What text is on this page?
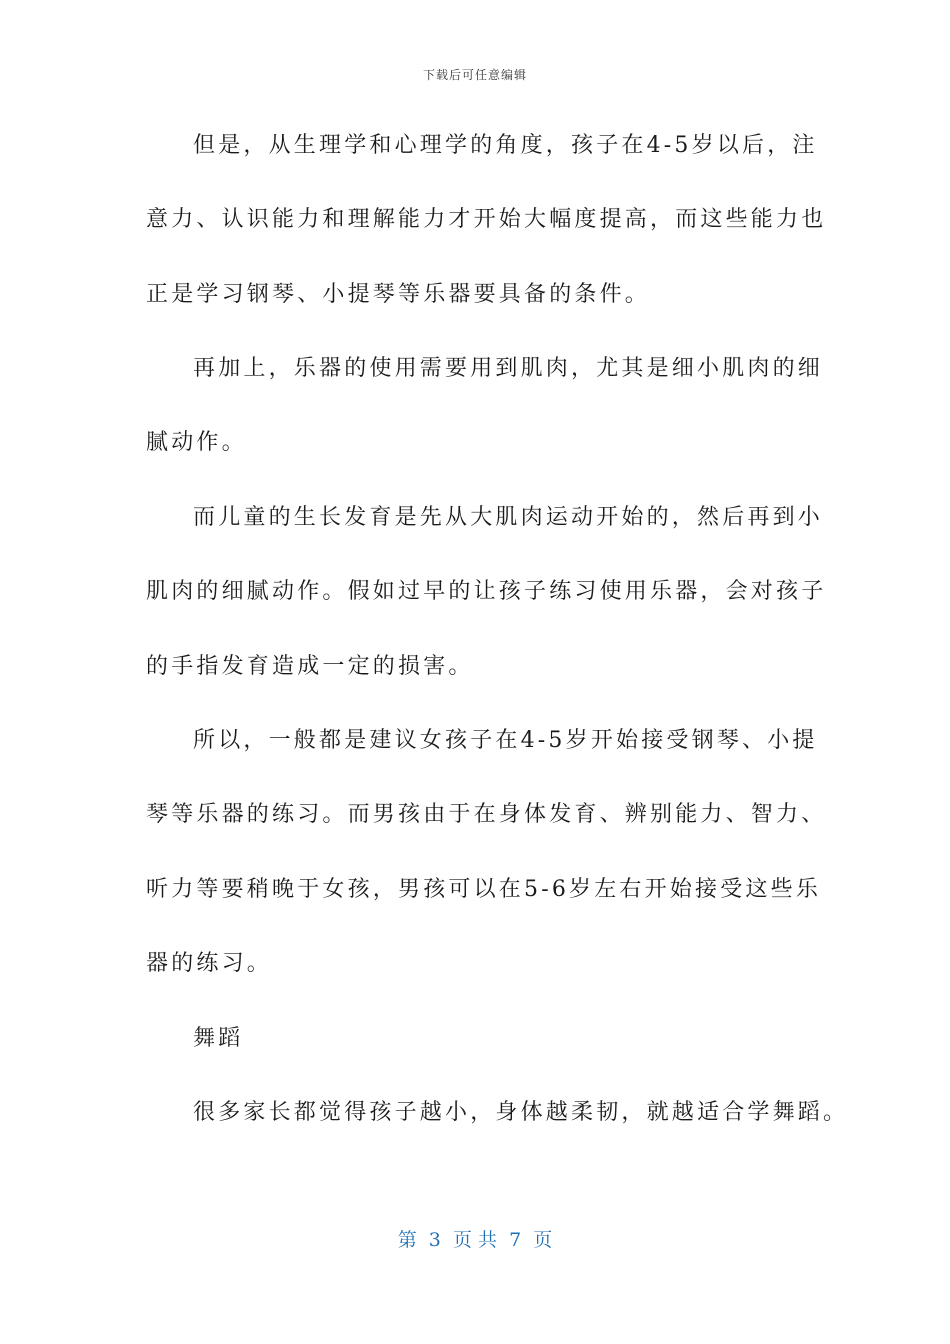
下载后可任意编辑
但是，从生理学和心理学的角度，孩子在4-5岁以后，注
意力、认识能力和理解能力才开始大幅度提高，而这些能力也
正是学习钢琴、小提琴等乐器要具备的条件。
再加上，乐器的使用需要用到肌肉，尤其是细小肌肉的细
腻动作。
而儿童的生长发育是先从大肌肉运动开始的，然后再到小
肌肉的细腻动作。假如过早的让孩子练习使用乐器，会对孩子
的手指发育造成一定的损害。
所以，一般都是建议女孩子在4-5岁开始接受钢琴、小提
琴等乐器的练习。而男孩由于在身体发育、辨别能力、智力、
听力等要稍晚于女孩，男孩可以在5-6岁左右开始接受这些乐
器的练习。
舞蹈
很多家长都觉得孩子越小，身体越柔韧，就越适合学舞蹈。
第  3  页 共  7  页
